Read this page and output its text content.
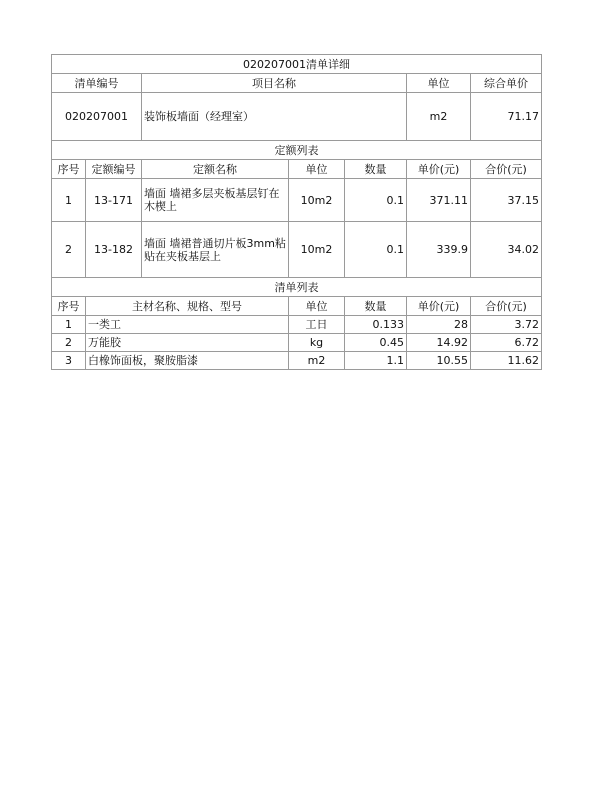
020207001清单详细						
清单编号		项目名称			单位	综合单价
020207001		装饰板墙面（经理室）			m2	71.17
定额列表						
序号	定额编号	定额名称	单位	数量	单价(元)	合价(元)
1	13-171	墙面 墙裙多层夹板基层钉在木楔上	10m2	0.1	371.11	37.15
2	13-182	墙面 墙裙普通切片板3mm粘贴在夹板基层上	10m2	0.1	339.9	34.02
清单列表						
序号	主材名称、规格、型号		单位	数量	单价(元)	合价(元)
1	一类工		工日	0.133	28	3.72
2	万能胶		kg	0.45	14.92	6.72
3	白橡饰面板，聚胺脂漆		m2	1.1	10.55	11.62
